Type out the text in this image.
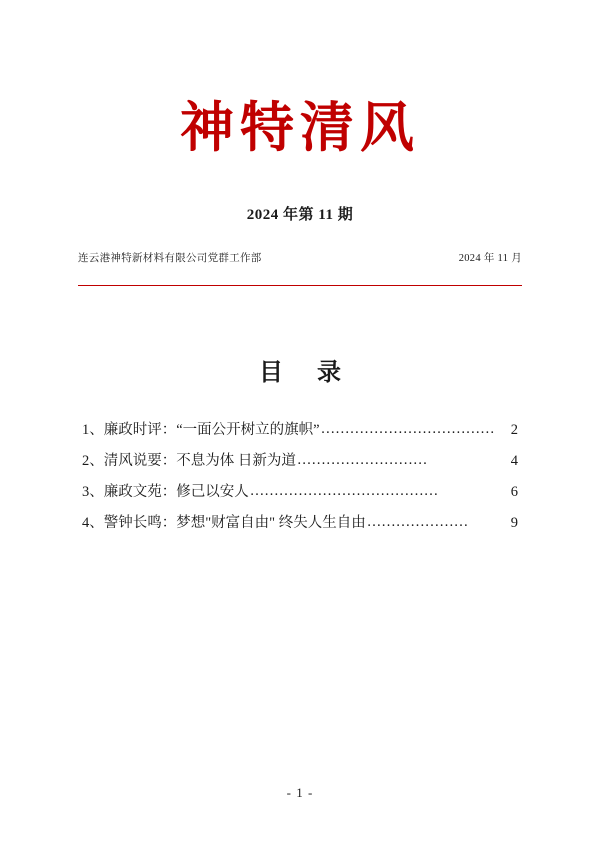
神特清风
2024 年第 11 期
连云港神特新材料有限公司党群工作部	2024 年 11 月
目 录
1、廉政时评：“一面公开树立的旗帜” ………………………………	2
2、清风说要：不息为体 日新为道 ………………………	4
3、廉政文苑：修己以安人 …………………………………	6
4、警钟长鸣：梦想"财富自由" 终失人生自由 …………………	9
- 1 -
